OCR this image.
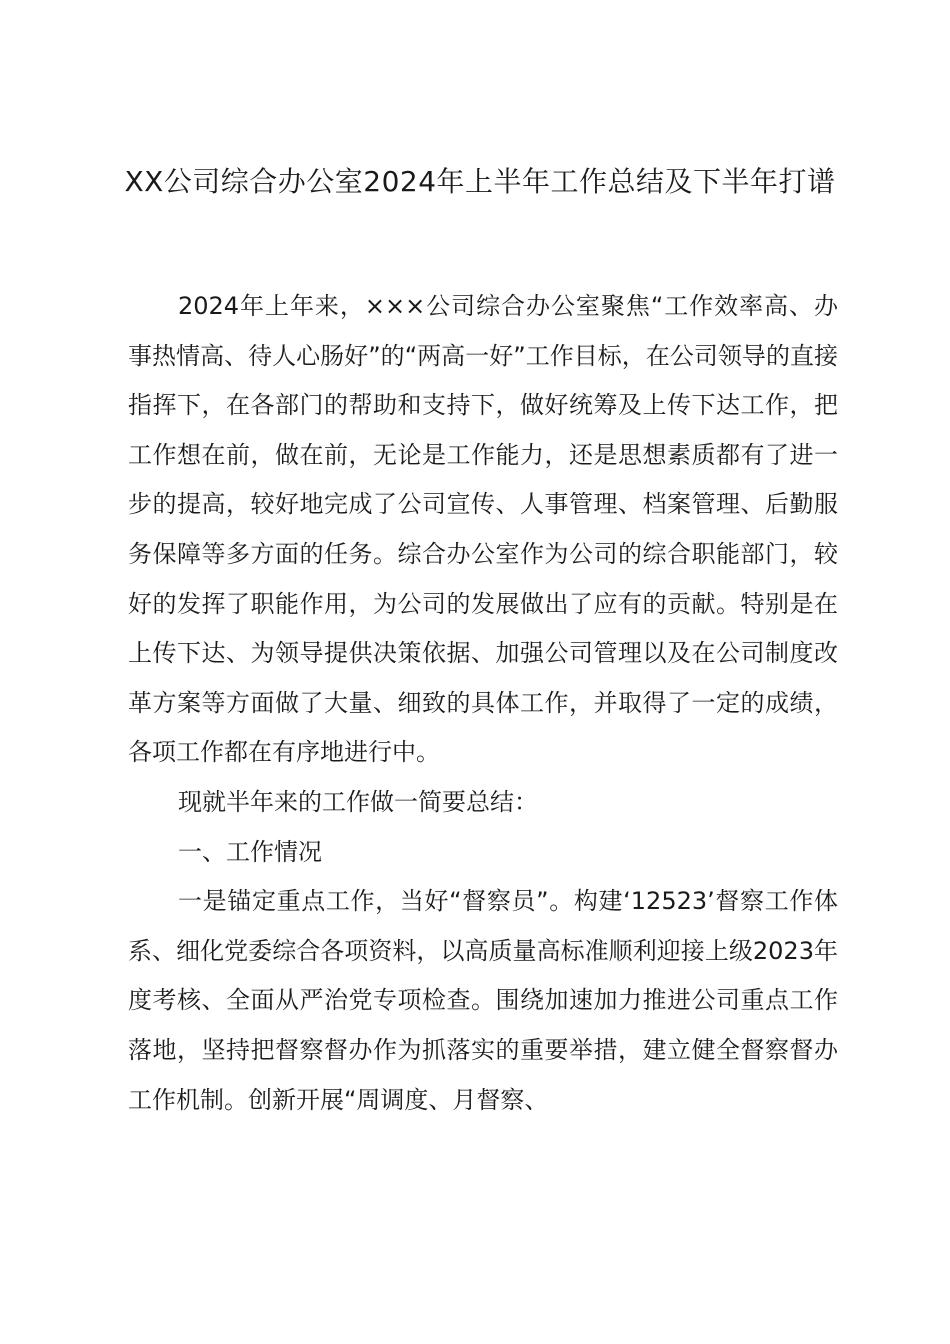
XX公司综合办公室2024年上半年工作总结及下半年打谱

2024年上年来，×××公司综合办公室聚焦“工作效率高、办事热情高、待人心肠好”的“两高一好”工作目标，在公司领导的直接指挥下，在各部门的帮助和支持下，做好统筹及上传下达工作，把工作想在前，做在前，无论是工作能力，还是思想素质都有了进一步的提高，较好地完成了公司宣传、人事管理、档案管理、后勤服务保障等多方面的任务。综合办公室作为公司的综合职能部门，较好的发挥了职能作用，为公司的发展做出了应有的贡献。特别是在上传下达、为领导提供决策依据、加强公司管理以及在公司制度改革方案等方面做了大量、细致的具体工作，并取得了一定的成绩，各项工作都在有序地进行中。

现就半年来的工作做一简要总结：

一、工作情况

一是锚定重点工作，当好“督察员”。构建‘12523’督察工作体系、细化党委综合各项资料，以高质量高标准顺利迎接上级2023年度考核、全面从严治党专项检查。围绕加速加力推进公司重点工作落地，坚持把督察督办作为抓落实的重要举措，建立健全督察督办工作机制。创新开展“周调度、月督察、
